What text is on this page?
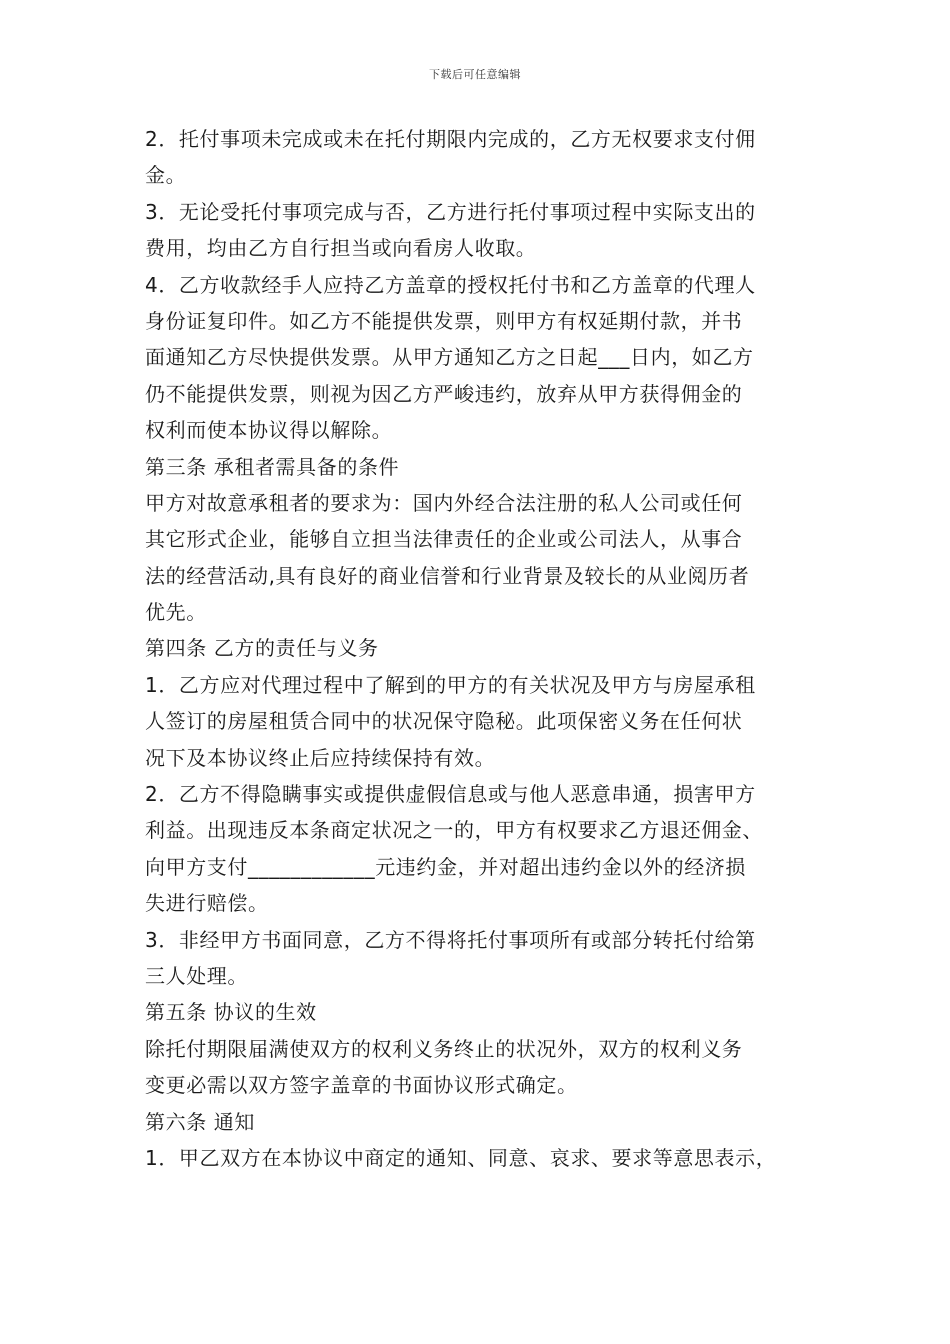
下载后可任意编辑
2．托付事项未完成或未在托付期限内完成的，乙方无权要求支付佣
金。
3．无论受托付事项完成与否，乙方进行托付事项过程中实际支出的
费用，均由乙方自行担当或向看房人收取。
4．乙方收款经手人应持乙方盖章的授权托付书和乙方盖章的代理人
身份证复印件。如乙方不能提供发票，则甲方有权延期付款，并书
面通知乙方尽快提供发票。从甲方通知乙方之日起___日内，如乙方
仍不能提供发票，则视为因乙方严峻违约，放弃从甲方获得佣金的
权利而使本协议得以解除。
第三条 承租者需具备的条件
甲方对故意承租者的要求为：国内外经合法注册的私人公司或任何
其它形式企业，能够自立担当法律责任的企业或公司法人，从事合
法的经营活动,具有良好的商业信誉和行业背景及较长的从业阅历者
优先。
第四条 乙方的责任与义务
1．乙方应对代理过程中了解到的甲方的有关状况及甲方与房屋承租
人签订的房屋租赁合同中的状况保守隐秘。此项保密义务在任何状
况下及本协议终止后应持续保持有效。
2．乙方不得隐瞒事实或提供虚假信息或与他人恶意串通，损害甲方
利益。出现违反本条商定状况之一的，甲方有权要求乙方退还佣金、
向甲方支付____________元违约金，并对超出违约金以外的经济损
失进行赔偿。
3．非经甲方书面同意，乙方不得将托付事项所有或部分转托付给第
三人处理。
第五条 协议的生效
除托付期限届满使双方的权利义务终止的状况外，双方的权利义务
变更必需以双方签字盖章的书面协议形式确定。
第六条 通知
1．甲乙双方在本协议中商定的通知、同意、哀求、要求等意思表示，
